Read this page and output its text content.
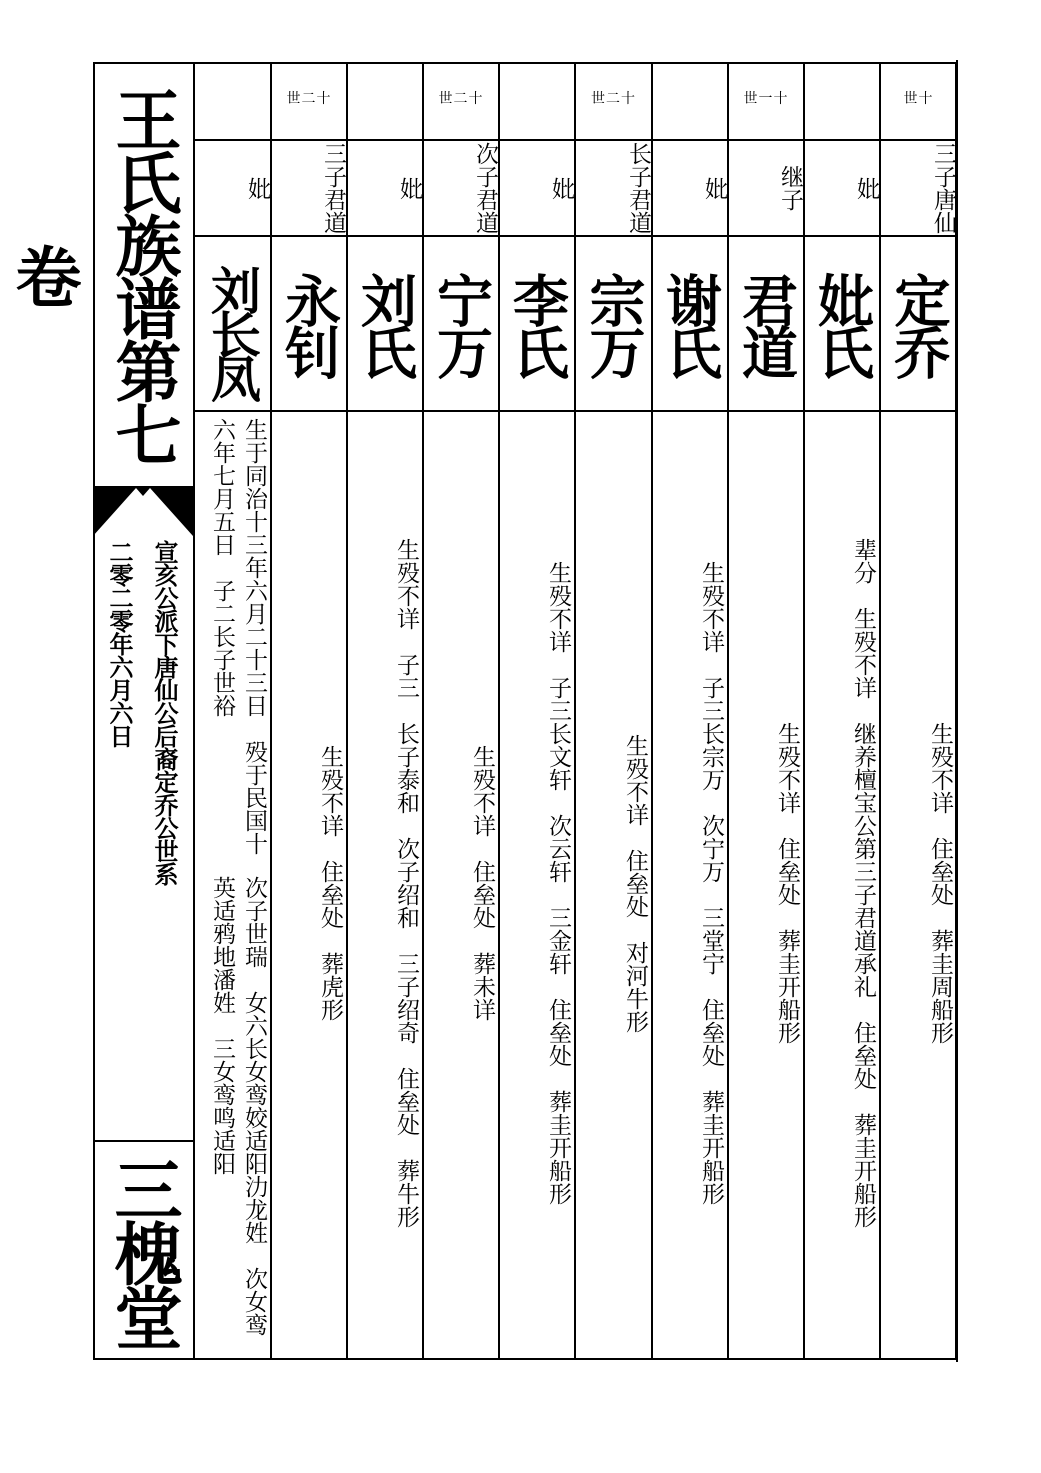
王氏族谱第七卷
宣亥公派下唐仙公后裔定乔公世系
二零二零年六月六日
三槐堂
世十
三子
唐仙
定乔
生殁不详　住垒处　葬圭周船形
妣
妣氏
辈分　生殁不详　继养檀宝公第三子君道承礼　住垒处　葬圭开船形
世一十
继子
君道
生殁不详　住垒处　葬圭开船形
妣
谢氏
生殁不详　子三长宗万　次宁万　三堂宁　住垒处　葬圭开船形
世二十
长子
君道
宗万
生殁不详　住垒处　对河牛形
妣
李氏
生殁不详　子三长文轩　次云轩　三金轩　住垒处　葬圭开船形
世二十
次子
君道
宁万
生殁不详　住垒处　葬未详
妣
刘氏
生殁不详　子三　长子泰和　次子绍和　三子绍奇　住垒处　葬牛形
世二十
三子
君道
永钊
生殁不详　住垒处　葬虎形
妣
刘长凤
生于同治十三年六月二十三日　殁于民国十六年七月五日　子二长子世裕
次子世瑞　女六长女鸾姣适阳氻龙姓　次女鸾英适鸦地潘姓　三女鸾鸣适阳
